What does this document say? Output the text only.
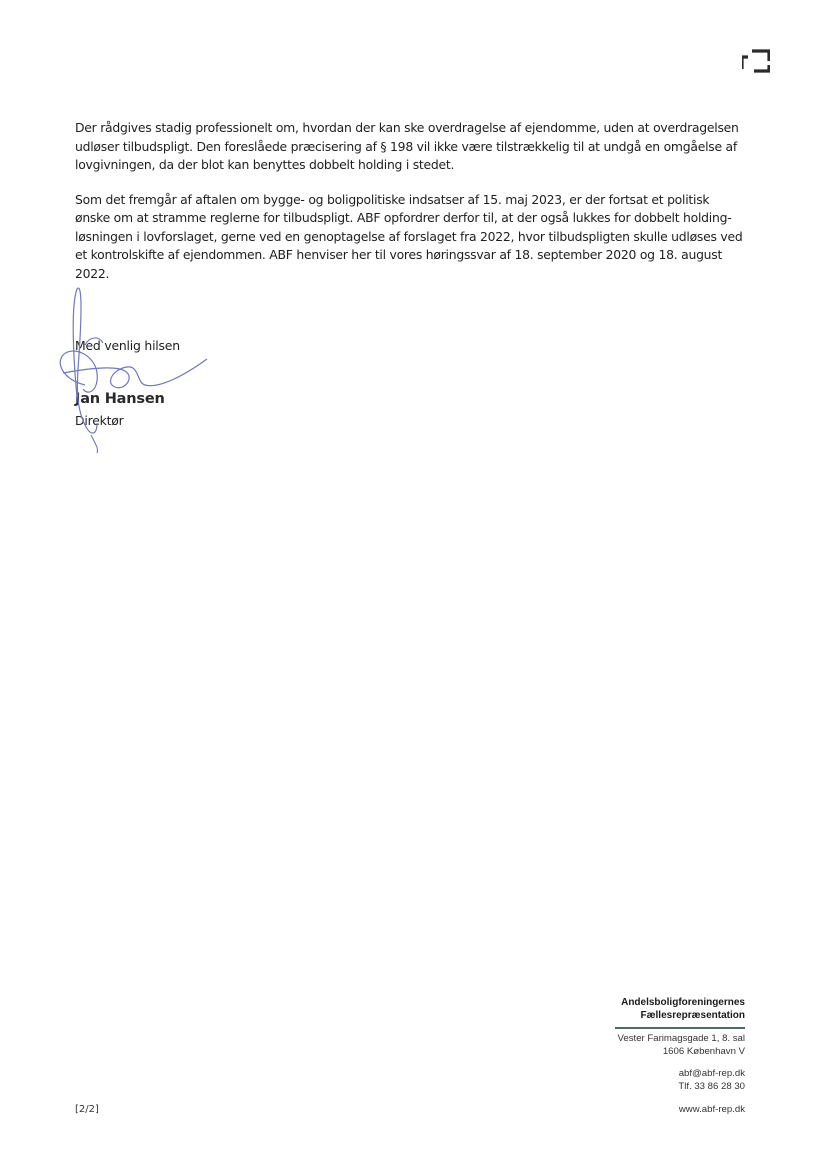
Der rådgives stadig professionelt om, hvordan der kan ske overdragelse af ejendomme, uden at overdragelsen
udløser tilbudspligt. Den foreslåede præcisering af § 198 vil ikke være tilstrækkelig til at undgå en omgåelse af
lovgivningen, da der blot kan benyttes dobbelt holding i stedet.

Som det fremgår af aftalen om bygge- og boligpolitiske indsatser af 15. maj 2023, er der fortsat et politisk
ønske om at stramme reglerne for tilbudspligt. ABF opfordrer derfor til, at der også lukkes for dobbelt holding-
løsningen i lovforslaget, gerne ved en genoptagelse af forslaget fra 2022, hvor tilbudspligten skulle udløses ved
et kontrolskifte af ejendommen. ABF henviser her til vores høringssvar af 18. september 2020 og 18. august
2022.

Med venlig hilsen
Jan Hansen
Direktør
[2/2]
Andelsboligforeningernes
Fællesrepræsentation
Vester Farimagsgade 1, 8. sal
1606 København V
abf@abf-rep.dk
Tlf. 33 86 28 30
www.abf-rep.dk
